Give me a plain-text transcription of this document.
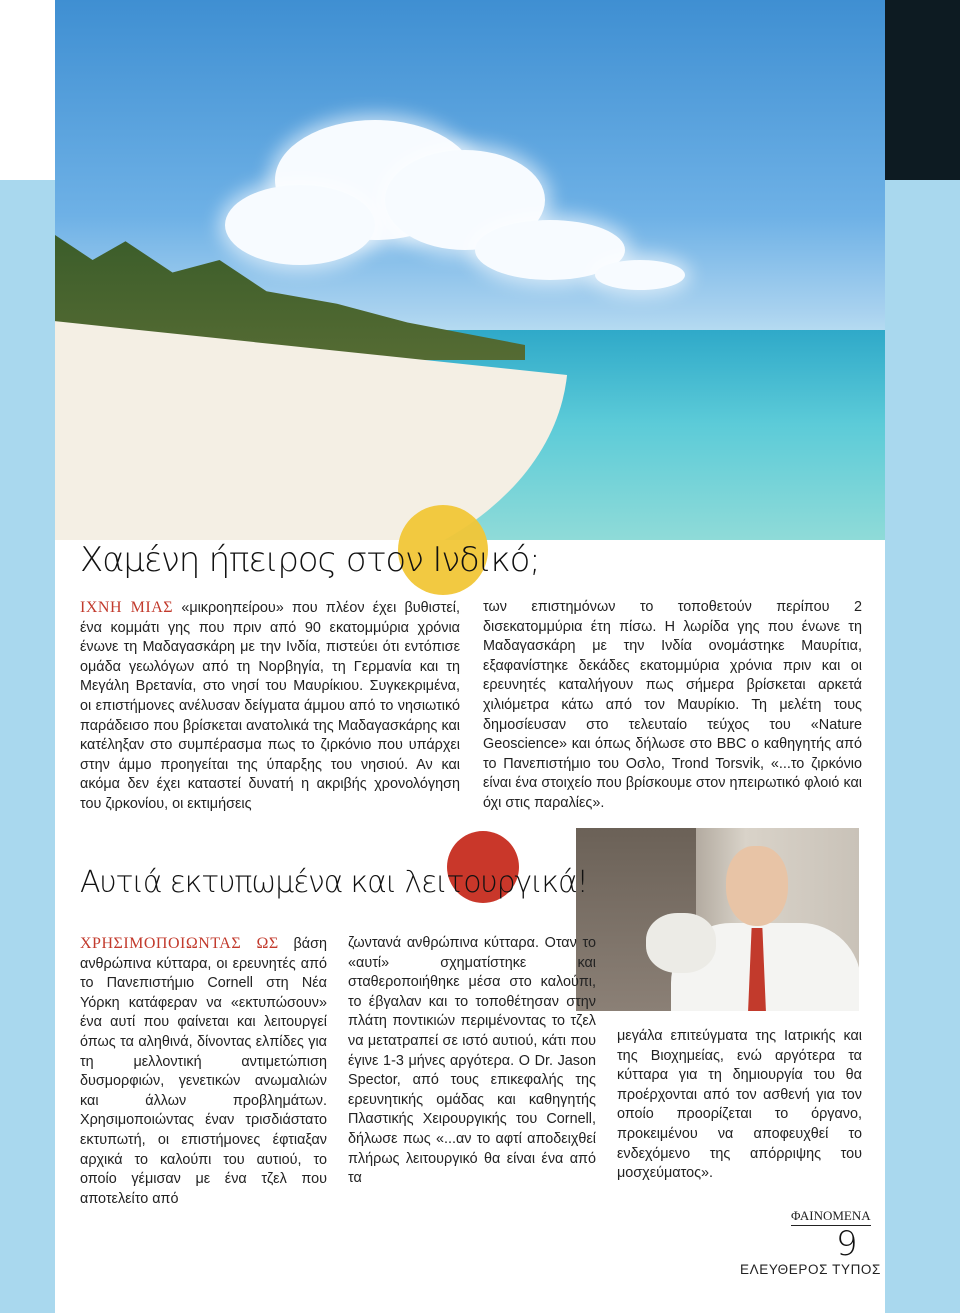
Χαμένη ήπειρος στον Ινδικό;

ΙΧΝΗ ΜΙΑΣ «μικροηπείρου» που πλέον έχει βυθιστεί, ένα κομμάτι γης που πριν από 90 εκατομμύρια χρόνια ένωνε τη Μαδαγασκάρη με την Ινδία, πιστεύει ότι εντόπισε ομάδα γεωλόγων από τη Νορβηγία, τη Γερμανία και τη Μεγάλη Βρετανία, στο νησί του Μαυρίκιου. Συγκεκριμένα, οι επιστήμονες ανέλυσαν δείγματα άμμου από το νησιωτικό παράδεισο που βρίσκεται ανατολικά της Μαδαγασκάρης και κατέληξαν στο συμπέρασμα πως το ζιρκόνιο που υπάρχει στην άμμο προηγείται της ύπαρξης του νησιού. Αν και ακόμα δεν έχει καταστεί δυνατή η ακριβής χρονολόγηση του ζιρκονίου, οι εκτιμήσεις

των επιστημόνων το τοποθετούν περίπου 2 δισεκατομμύρια έτη πίσω. Η λωρίδα γης που ένωνε τη Μαδαγασκάρη με την Ινδία ονομάστηκε Μαυρίτια, εξαφανίστηκε δεκάδες εκατομμύρια χρόνια πριν και οι ερευνητές καταλήγουν πως σήμερα βρίσκεται αρκετά χιλιόμετρα κάτω από τον Μαυρίκιο. Τη μελέτη τους δημοσίευσαν στο τελευταίο τεύχος του «Nature Geoscience» και όπως δήλωσε στο BBC ο καθηγητής από το Πανεπιστήμιο του Οσλο, Trond Torsvik, «...το ζιρκόνιο είναι ένα στοιχείο που βρίσκουμε στον ηπειρωτικό φλοιό και όχι στις παραλίες».

Αυτιά εκτυπωμένα και λειτουργικά!

ΧΡΗΣΙΜΟΠΟΙΩΝΤΑΣ ΩΣ βάση ανθρώπινα κύτταρα, οι ερευνητές από το Πανεπιστήμιο Cornell στη Νέα Υόρκη κατάφεραν να «εκτυπώσουν» ένα αυτί που φαίνεται και λειτουργεί όπως τα αληθινά, δίνοντας ελπίδες για τη μελλοντική αντιμετώπιση δυσμορφιών, γενετικών ανωμαλιών και άλλων προβλημάτων. Χρησιμοποιώντας έναν τρισδιάστατο εκτυπωτή, οι επιστήμονες έφτιαξαν αρχικά το καλούπι του αυτιού, το οποίο γέμισαν με ένα τζελ που αποτελείτο από

ζωντανά ανθρώπινα κύτταρα. Οταν το «αυτί» σχηματίστηκε και σταθεροποιήθηκε μέσα στο καλούπι, το έβγαλαν και το τοποθέτησαν στην πλάτη ποντικιών περιμένοντας το τζελ να μετατραπεί σε ιστό αυτιού, κάτι που έγινε 1-3 μήνες αργότερα. Ο Dr. Jason Spector, από τους επικεφαλής της ερευνητικής ομάδας και καθηγητής Πλαστικής Χειρουργικής του Cornell, δήλωσε πως «...αν το αφτί αποδειχθεί πλήρως λειτουργικό θα είναι ένα από τα

μεγάλα επιτεύγματα της Ιατρικής και της Βιοχημείας, ενώ αργότερα τα κύτταρα για τη δημιουργία του θα προέρχονται από τον ασθενή για τον οποίο προορίζεται το όργανο, προκειμένου να αποφευχθεί το ενδεχόμενο της απόρριψης του μοσχεύματος».

ΦΑΙΝΟΜΕΝΑ
9
ΕΛΕΥΘΕΡΟΣ ΤΥΠΟΣ
